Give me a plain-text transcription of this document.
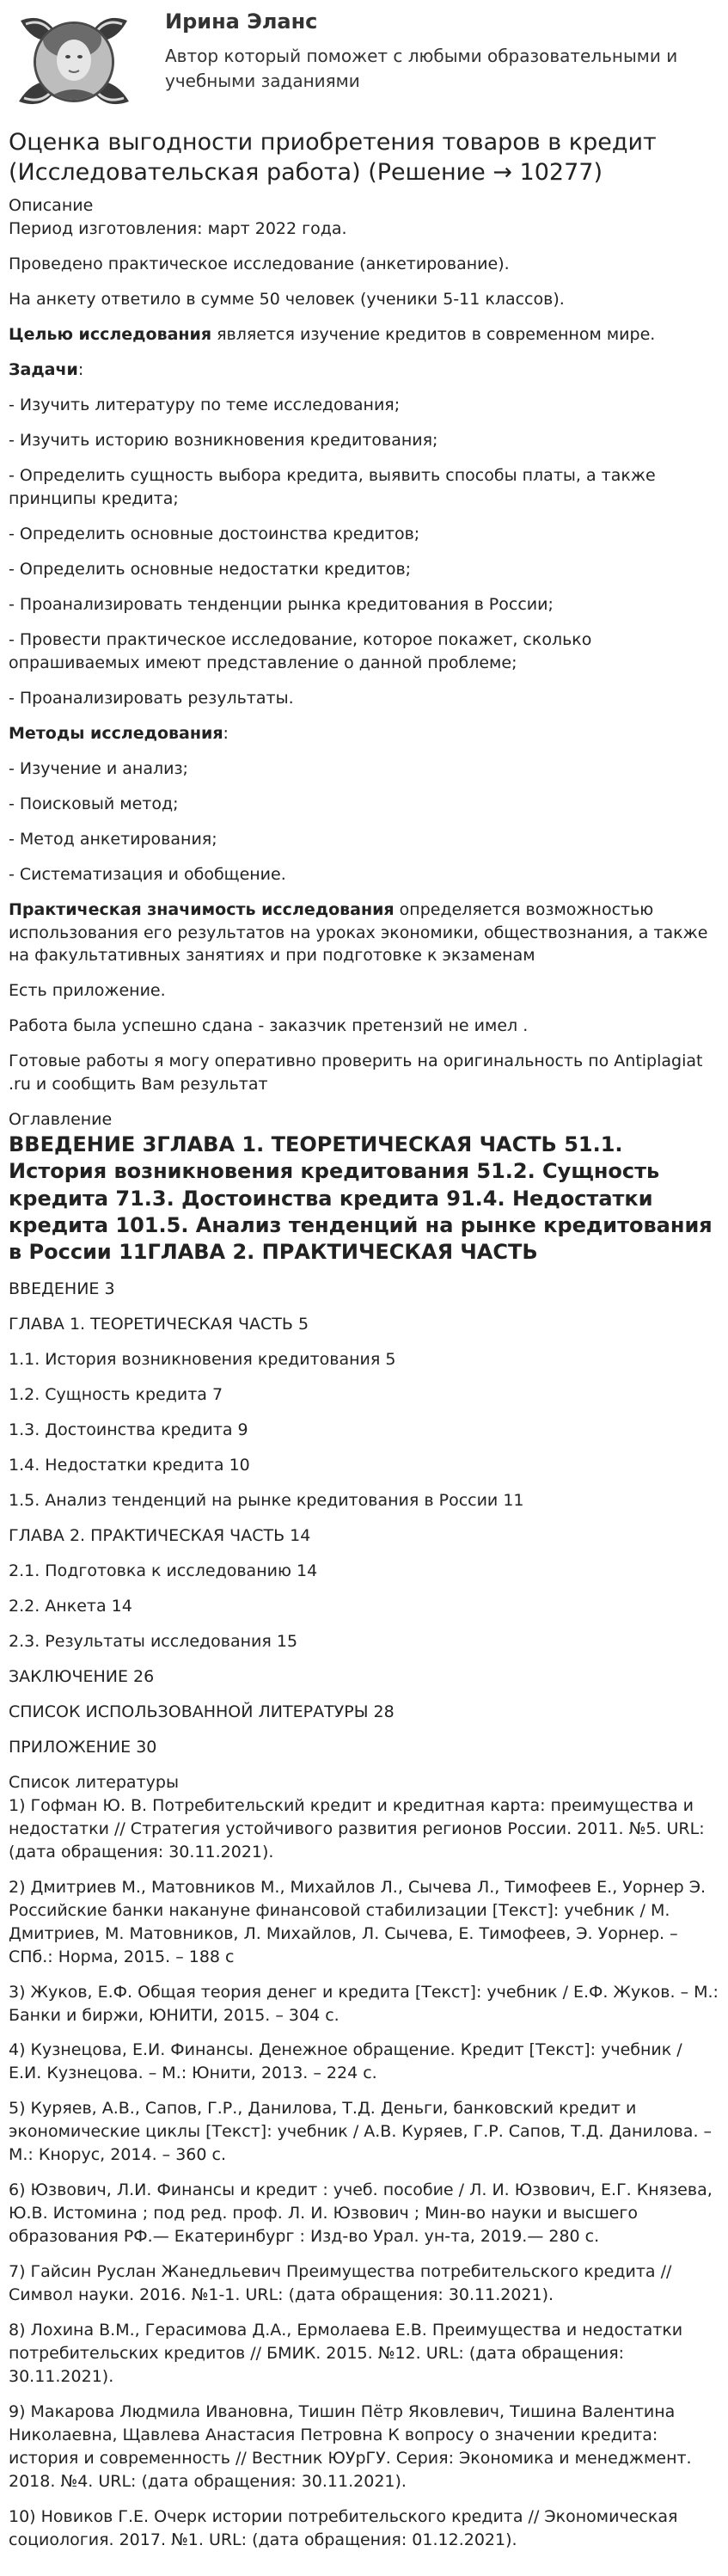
Ирина Эланс
Автор который поможет с любыми образовательными и учебными заданиями
Оценка выгодности приобретения товаров в кредит (Исследовательская работа) (Решение → 10277)
Описание

Период изготовления: март 2022 года.

Проведено практическое исследование (анкетирование).

На анкету ответило в сумме 50 человек (ученики 5-11 классов).

Целью исследования является изучение кредитов в современном мире.

Задачи:

- Изучить литературу по теме исследования;

- Изучить историю возникновения кредитования;

- Определить сущность выбора кредита, выявить способы платы, а также принципы кредита;

- Определить основные достоинства кредитов;

- Определить основные недостатки кредитов;

- Проанализировать тенденции рынка кредитования в России;

- Провести практическое исследование, которое покажет, сколько опрашиваемых имеют представление о данной проблеме;

- Проанализировать результаты.

Методы исследования:

- Изучение и анализ;

- Поисковый метод;

- Метод анкетирования;

- Систематизация и обобщение.

Практическая значимость исследования определяется возможностью использования его результатов на уроках экономики, обществознания, а также на факультативных занятиях и при подготовке к экзаменам

Есть приложение.

Работа была успешно сдана - заказчик претензий не имел .

Готовые работы я могу оперативно проверить на оригинальность по Antiplagiat .ru и сообщить Вам результат

Оглавление
ВВЕДЕНИЕ 3ГЛАВА 1. ТЕОРЕТИЧЕСКАЯ ЧАСТЬ 51.1. История возникновения кредитования 51.2. Сущность кредита 71.3. Достоинства кредита 91.4. Недостатки кредита 101.5. Анализ тенденций на рынке кредитования в России 11ГЛАВА 2. ПРАКТИЧЕСКАЯ ЧАСТЬ

ВВЕДЕНИЕ 3

ГЛАВА 1. ТЕОРЕТИЧЕСКАЯ ЧАСТЬ 5

1.1. История возникновения кредитования 5

1.2. Сущность кредита 7

1.3. Достоинства кредита 9

1.4. Недостатки кредита 10

1.5. Анализ тенденций на рынке кредитования в России 11

ГЛАВА 2. ПРАКТИЧЕСКАЯ ЧАСТЬ 14

2.1. Подготовка к исследованию 14

2.2. Анкета 14

2.3. Результаты исследования 15

ЗАКЛЮЧЕНИЕ 26

СПИСОК ИСПОЛЬЗОВАННОЙ ЛИТЕРАТУРЫ 28

ПРИЛОЖЕНИЕ 30

Список литературы

1) Гофман Ю. В. Потребительский кредит и кредитная карта: преимущества и недостатки // Стратегия устойчивого развития регионов России. 2011. №5. URL: (дата обращения: 30.11.2021).

2) Дмитриев М., Матовников М., Михайлов Л., Сычева Л., Тимофеев Е., Уорнер Э. Российские банки накануне финансовой стабилизации [Текст]: учебник / М. Дмитриев, М. Матовников, Л. Михайлов, Л. Сычева, Е. Тимофеев, Э. Уорнер. – СПб.: Норма, 2015. – 188 с

3) Жуков, Е.Ф. Общая теория денег и кредита [Текст]: учебник / Е.Ф. Жуков. – М.: Банки и биржи, ЮНИТИ, 2015. – 304 с.

4) Кузнецова, Е.И. Финансы. Денежное обращение. Кредит [Текст]: учебник / Е.И. Кузнецова. – М.: Юнити, 2013. – 224 с.

5) Куряев, А.В., Сапов, Г.Р., Данилова, Т.Д. Деньги, банковский кредит и экономические циклы [Текст]: учебник / А.В. Куряев, Г.Р. Сапов, Т.Д. Данилова. – М.: Кнорус, 2014. – 360 с.

6) Юзвович, Л.И. Финансы и кредит : учеб. пособие / Л. И. Юзвович, Е.Г. Князева, Ю.В. Истомина ; под ред. проф. Л. И. Юзвович ; Мин-во науки и высшего образования РФ.— Екатеринбург : Изд-во Урал. ун-та, 2019.— 280 с.

7) Гайсин Руслан Жанедльевич Преимущества потребительского кредита // Символ науки. 2016. №1-1. URL: (дата обращения: 30.11.2021).

8) Лохина В.М., Герасимова Д.А., Ермолаева Е.В. Преимущества и недостатки потребительских кредитов // БМИК. 2015. №12. URL: (дата обращения: 30.11.2021).

9) Макарова Людмила Ивановна, Тишин Пётр Яковлевич, Тишина Валентина Николаевна, Щавлева Анастасия Петровна К вопросу о значении кредита: история и современность // Вестник ЮУрГУ. Серия: Экономика и менеджмент. 2018. №4. URL: (дата обращения: 30.11.2021).

10) Новиков Г.Е. Очерк истории потребительского кредита // Экономическая социология. 2017. №1. URL: (дата обращения: 01.12.2021).
